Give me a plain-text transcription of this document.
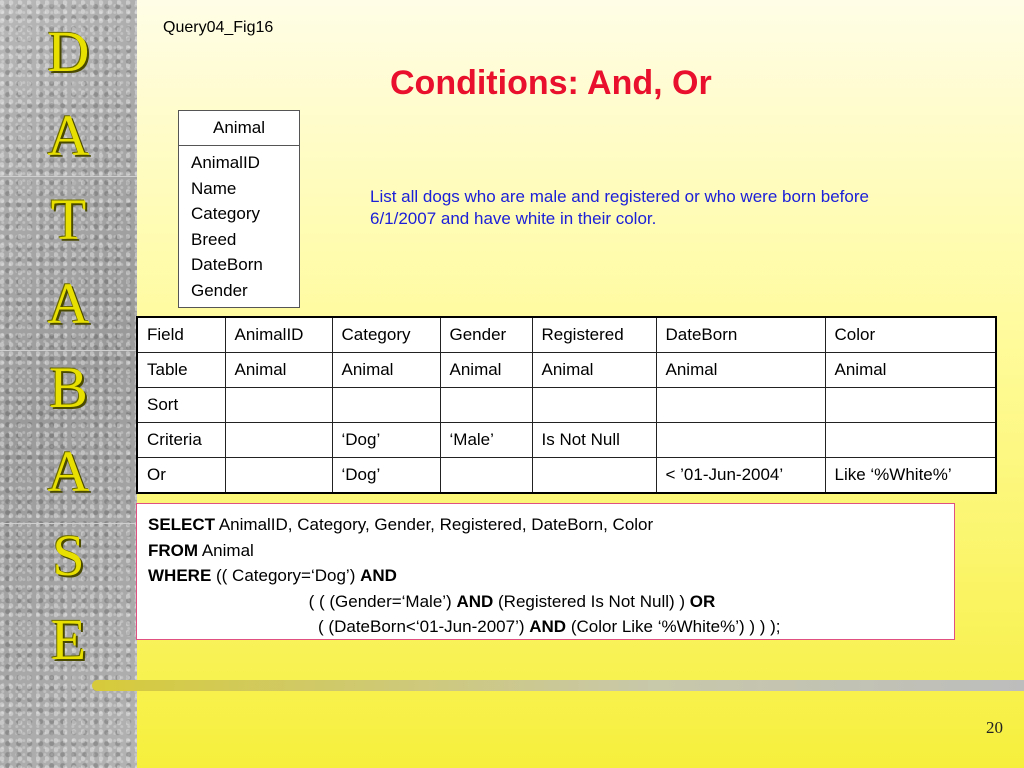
D
A
T
A
B
A
S
E
Query04_Fig16
Conditions: And, Or
Animal
AnimalID
Name
Category
Breed
DateBorn
Gender
List all dogs who are male and registered or who were born before 6/1/2007 and have white in their color.
Field	AnimalID	Category	Gender	Registered	DateBorn	Color
Table	Animal	Animal	Animal	Animal	Animal	Animal
Sort						
Criteria		‘Dog’	‘Male’	Is Not Null		
Or		‘Dog’			< ’01-Jun-2004’	Like ‘%White%’
SELECT AnimalID, Category, Gender, Registered, DateBorn, Color
FROM Animal
WHERE (( Category=‘Dog’) AND
( ( (Gender=‘Male’) AND (Registered Is Not Null) ) OR
( (DateBorn<‘01-Jun-2007’) AND (Color Like ‘%White%’) ) ) );
20
